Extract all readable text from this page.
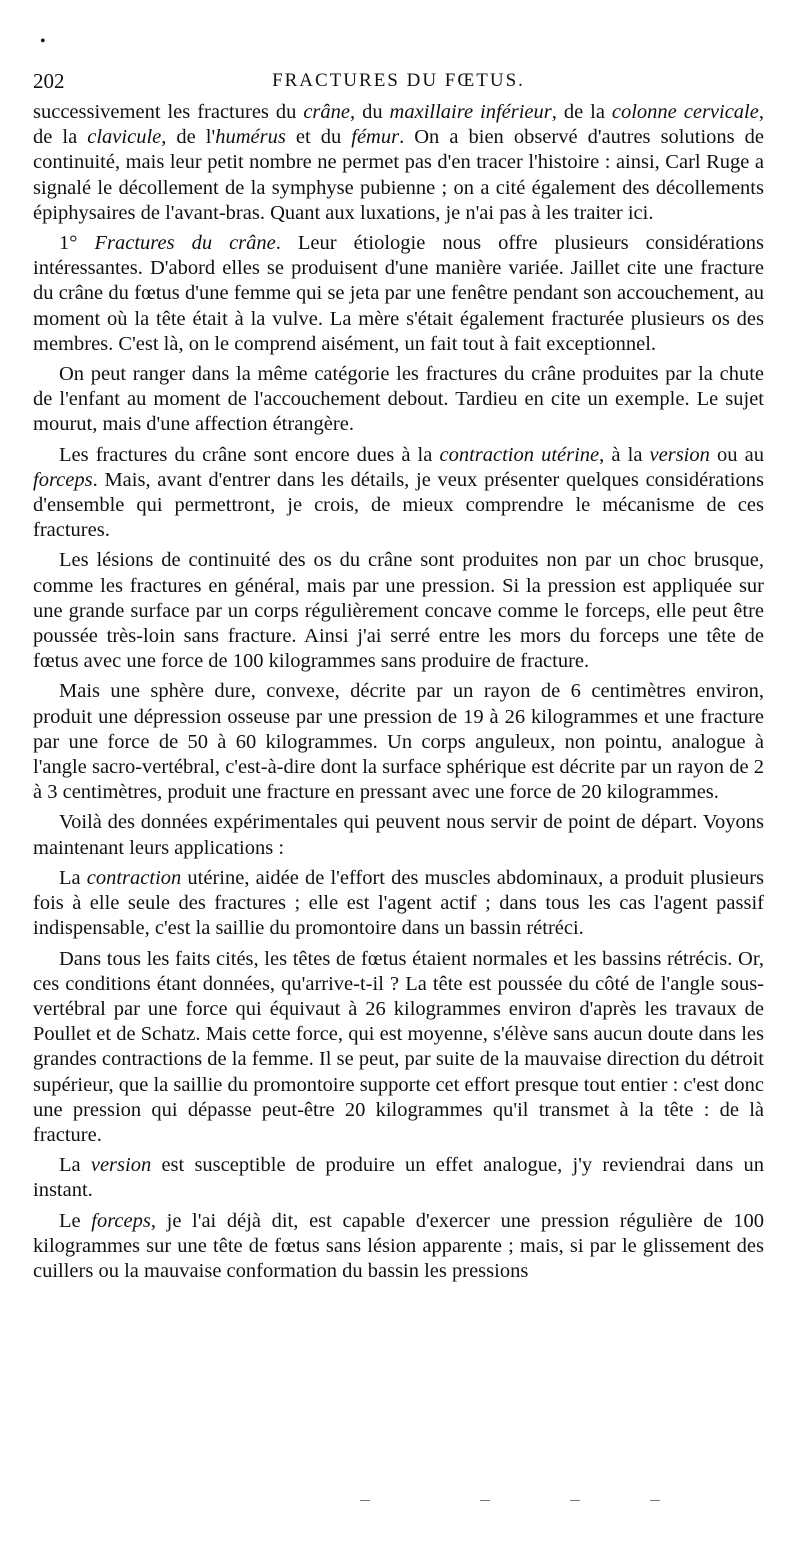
•
202	FRACTURES DU FŒTUS.

successivement les fractures du crâne, du maxillaire inférieur, de la colonne cervicale, de la clavicule, de l'humérus et du fémur. On a bien observé d'autres solutions de continuité, mais leur petit nombre ne permet pas d'en tracer l'histoire : ainsi, Carl Ruge a signalé le décollement de la symphyse pubienne ; on a cité également des décollements épiphysaires de l'avant-bras. Quant aux luxations, je n'ai pas à les traiter ici.

1° Fractures du crâne. Leur étiologie nous offre plusieurs considérations intéressantes. D'abord elles se produisent d'une manière variée. Jaillet cite une fracture du crâne du fœtus d'une femme qui se jeta par une fenêtre pendant son accouchement, au moment où la tête était à la vulve. La mère s'était également fracturée plusieurs os des membres. C'est là, on le comprend aisément, un fait tout à fait exceptionnel.

On peut ranger dans la même catégorie les fractures du crâne produites par la chute de l'enfant au moment de l'accouchement debout. Tardieu en cite un exemple. Le sujet mourut, mais d'une affection étrangère.

Les fractures du crâne sont encore dues à la contraction utérine, à la version ou au forceps. Mais, avant d'entrer dans les détails, je veux présenter quelques considérations d'ensemble qui permettront, je crois, de mieux comprendre le mécanisme de ces fractures.

Les lésions de continuité des os du crâne sont produites non par un choc brusque, comme les fractures en général, mais par une pression. Si la pression est appliquée sur une grande surface par un corps régulièrement concave comme le forceps, elle peut être poussée très-loin sans fracture. Ainsi j'ai serré entre les mors du forceps une tête de fœtus avec une force de 100 kilogrammes sans produire de fracture.

Mais une sphère dure, convexe, décrite par un rayon de 6 centimètres environ, produit une dépression osseuse par une pression de 19 à 26 kilogrammes et une fracture par une force de 50 à 60 kilogrammes. Un corps anguleux, non pointu, analogue à l'angle sacro-vertébral, c'est-à-dire dont la surface sphérique est décrite par un rayon de 2 à 3 centimètres, produit une fracture en pressant avec une force de 20 kilogrammes.

Voilà des données expérimentales qui peuvent nous servir de point de départ. Voyons maintenant leurs applications :

La contraction utérine, aidée de l'effort des muscles abdominaux, a produit plusieurs fois à elle seule des fractures ; elle est l'agent actif ; dans tous les cas l'agent passif indispensable, c'est la saillie du promontoire dans un bassin rétréci.

Dans tous les faits cités, les têtes de fœtus étaient normales et les bassins rétrécis. Or, ces conditions étant données, qu'arrive-t-il ? La tête est poussée du côté de l'angle sous-vertébral par une force qui équivaut à 26 kilogrammes environ d'après les travaux de Poullet et de Schatz. Mais cette force, qui est moyenne, s'élève sans aucun doute dans les grandes contractions de la femme. Il se peut, par suite de la mauvaise direction du détroit supérieur, que la saillie du promontoire supporte cet effort presque tout entier : c'est donc une pression qui dépasse peut-être 20 kilogrammes qu'il transmet à la tête : de là fracture.

La version est susceptible de produire un effet analogue, j'y reviendrai dans un instant.

Le forceps, je l'ai déjà dit, est capable d'exercer une pression régulière de 100 kilogrammes sur une tête de fœtus sans lésion apparente ; mais, si par le glissement des cuillers ou la mauvaise conformation du bassin les pressions
